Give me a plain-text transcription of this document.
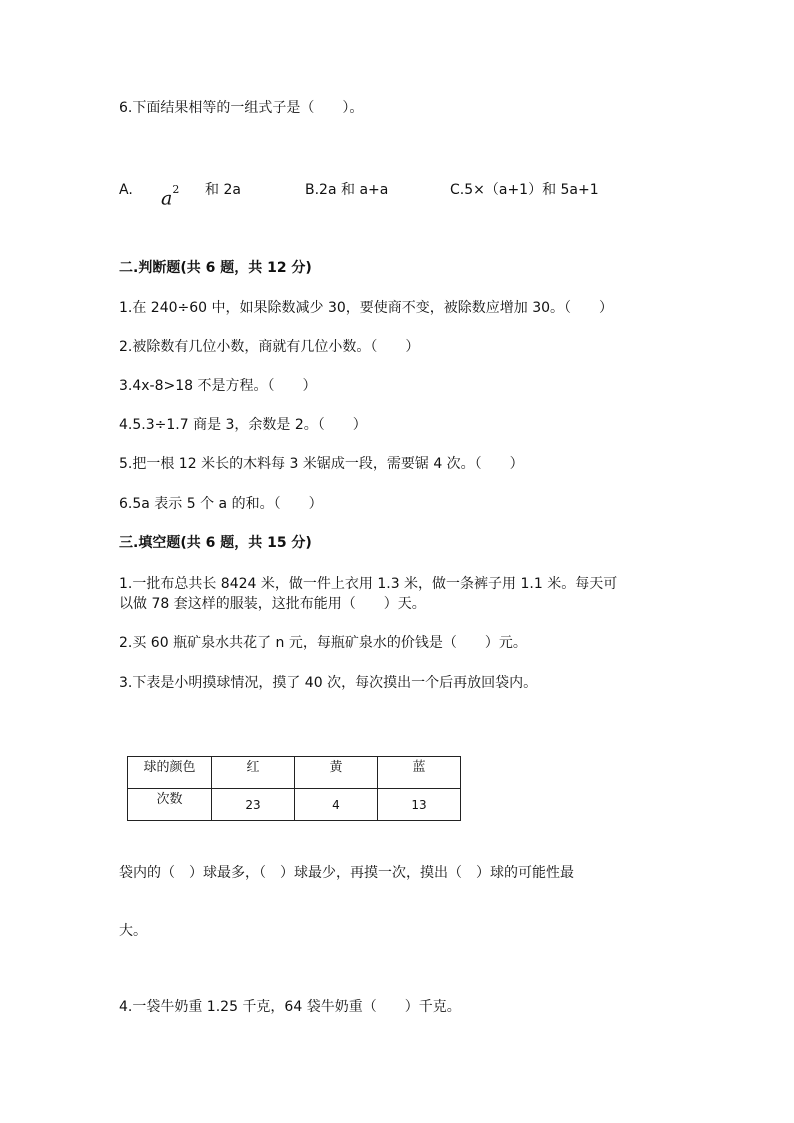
6.下面结果相等的一组式子是（　　）。
A. $a^2$ 和 2a	B.2a 和 a+a	C.5×（a+1）和 5a+1
二.判断题(共 6 题，共 12 分)
1.在 240÷60 中，如果除数减少 30，要使商不变，被除数应增加 30。（　　）
2.被除数有几位小数，商就有几位小数。（　　）
3.4x-8>18 不是方程。（　　）
4.5.3÷1.7 商是 3，余数是 2。（　　）
5.把一根 12 米长的木料每 3 米锯成一段，需要锯 4 次。（　　）
6.5a 表示 5 个 a 的和。（　　）
三.填空题(共 6 题，共 15 分)
1.一批布总共长 8424 米，做一件上衣用 1.3 米，做一条裤子用 1.1 米。每天可
以做 78 套这样的服装，这批布能用（　　）天。
2.买 60 瓶矿泉水共花了 n 元，每瓶矿泉水的价钱是（　　）元。
3.下表是小明摸球情况，摸了 40 次，每次摸出一个后再放回袋内。
球的颜色	红	黄	蓝
次数	23	4	13
袋内的（　）球最多，（　）球最少，再摸一次，摸出（　）球的可能性最
大。
4.一袋牛奶重 1.25 千克，64 袋牛奶重（　　）千克。
